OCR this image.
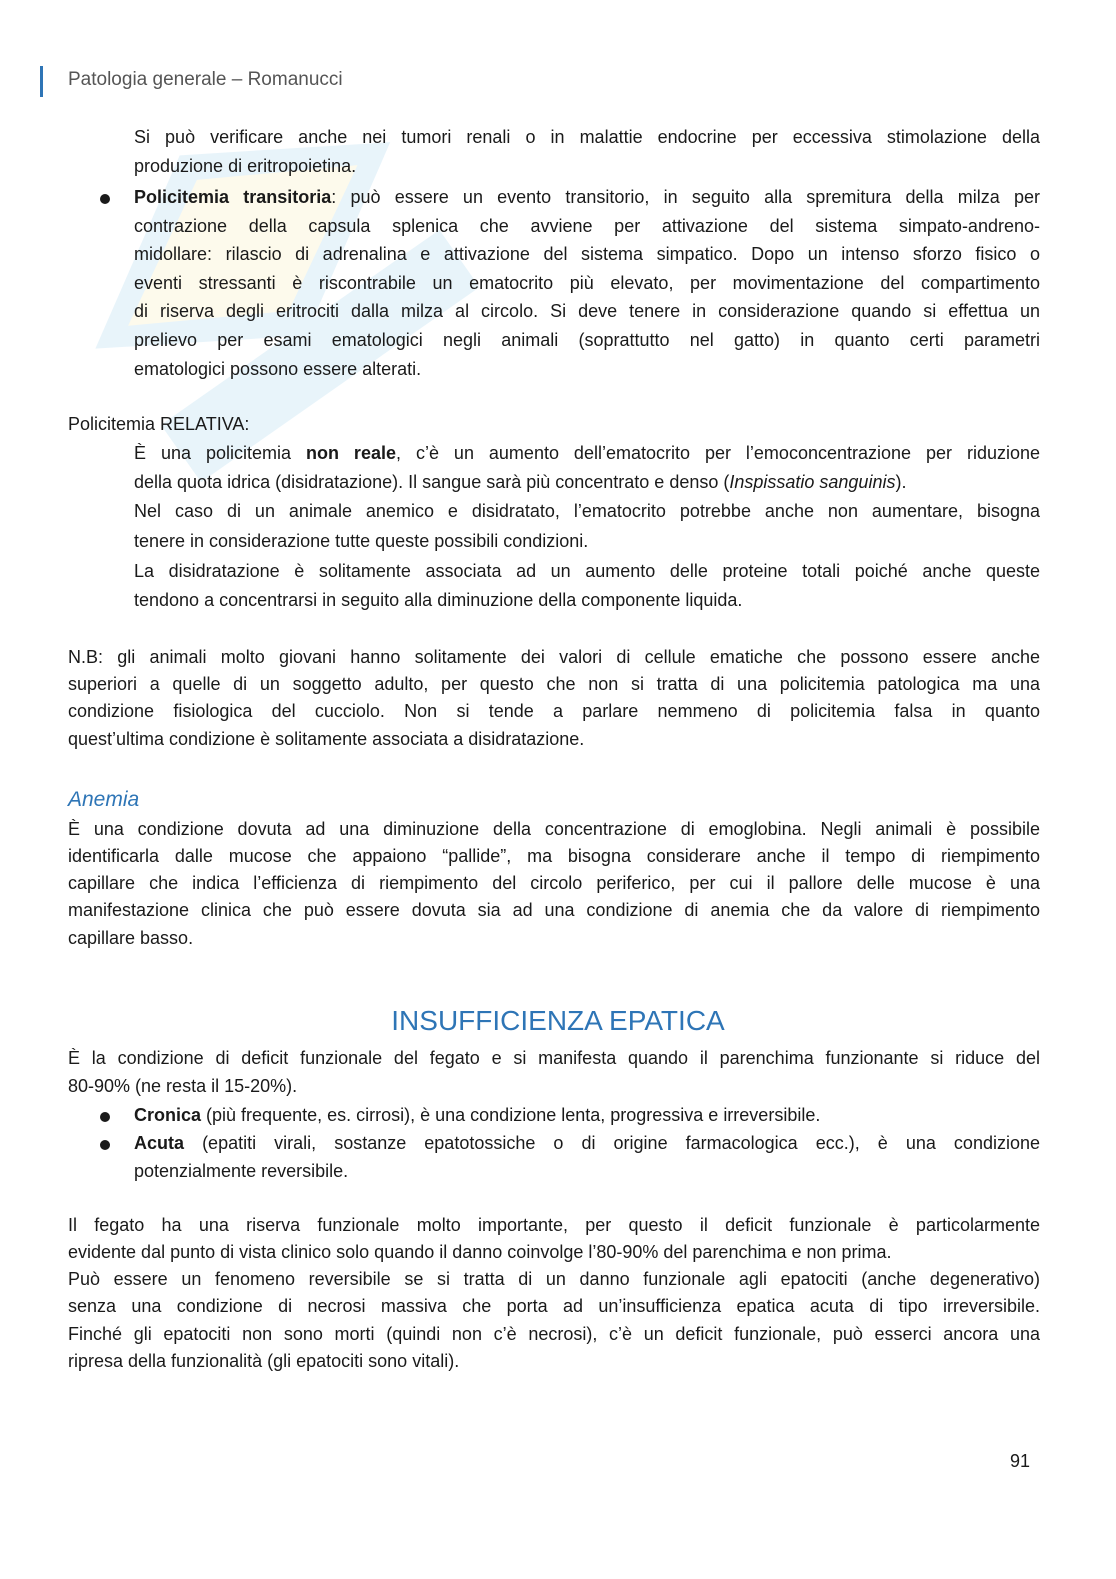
Patologia generale – Romanucci
Si può verificare anche nei tumori renali o in malattie endocrine per eccessiva stimolazione della
produzione di eritropoietina.
Policitemia transitoria: può essere un evento transitorio, in seguito alla spremitura della milza per
contrazione della capsula splenica che avviene per attivazione del sistema simpato-andreno-
midollare: rilascio di adrenalina e attivazione del sistema simpatico. Dopo un intenso sforzo fisico o
eventi stressanti è riscontrabile un ematocrito più elevato, per movimentazione del compartimento
di riserva degli eritrociti dalla milza al circolo. Si deve tenere in considerazione quando si effettua un
prelievo per esami ematologici negli animali (soprattutto nel gatto) in quanto certi parametri
ematologici possono essere alterati.
Policitemia RELATIVA:
È una policitemia non reale, c’è un aumento dell’ematocrito per l’emoconcentrazione per riduzione
della quota idrica (disidratazione). Il sangue sarà più concentrato e denso (Inspissatio sanguinis).
Nel caso di un animale anemico e disidratato, l’ematocrito potrebbe anche non aumentare, bisogna
tenere in considerazione tutte queste possibili condizioni.
La disidratazione è solitamente associata ad un aumento delle proteine totali poiché anche queste
tendono a concentrarsi in seguito alla diminuzione della componente liquida.
N.B: gli animali molto giovani hanno solitamente dei valori di cellule ematiche che possono essere anche
superiori a quelle di un soggetto adulto, per questo che non si tratta di una policitemia patologica ma una
condizione fisiologica del cucciolo. Non si tende a parlare nemmeno di policitemia falsa in quanto
quest’ultima condizione è solitamente associata a disidratazione.
Anemia
È una condizione dovuta ad una diminuzione della concentrazione di emoglobina. Negli animali è possibile
identificarla dalle mucose che appaiono “pallide”, ma bisogna considerare anche il tempo di riempimento
capillare che indica l’efficienza di riempimento del circolo periferico, per cui il pallore delle mucose è una
manifestazione clinica che può essere dovuta sia ad una condizione di anemia che da valore di riempimento
capillare basso.
INSUFFICIENZA EPATICA
È la condizione di deficit funzionale del fegato e si manifesta quando il parenchima funzionante si riduce del
80-90% (ne resta il 15-20%).
Cronica (più frequente, es. cirrosi), è una condizione lenta, progressiva e irreversibile.
Acuta (epatiti virali, sostanze epatotossiche o di origine farmacologica ecc.), è una condizione
potenzialmente reversibile.
Il fegato ha una riserva funzionale molto importante, per questo il deficit funzionale è particolarmente
evidente dal punto di vista clinico solo quando il danno coinvolge l’80-90% del parenchima e non prima.
Può essere un fenomeno reversibile se si tratta di un danno funzionale agli epatociti (anche degenerativo)
senza una condizione di necrosi massiva che porta ad un’insufficienza epatica acuta di tipo irreversibile.
Finché gli epatociti non sono morti (quindi non c’è necrosi), c’è un deficit funzionale, può esserci ancora una
ripresa della funzionalità (gli epatociti sono vitali).
91
